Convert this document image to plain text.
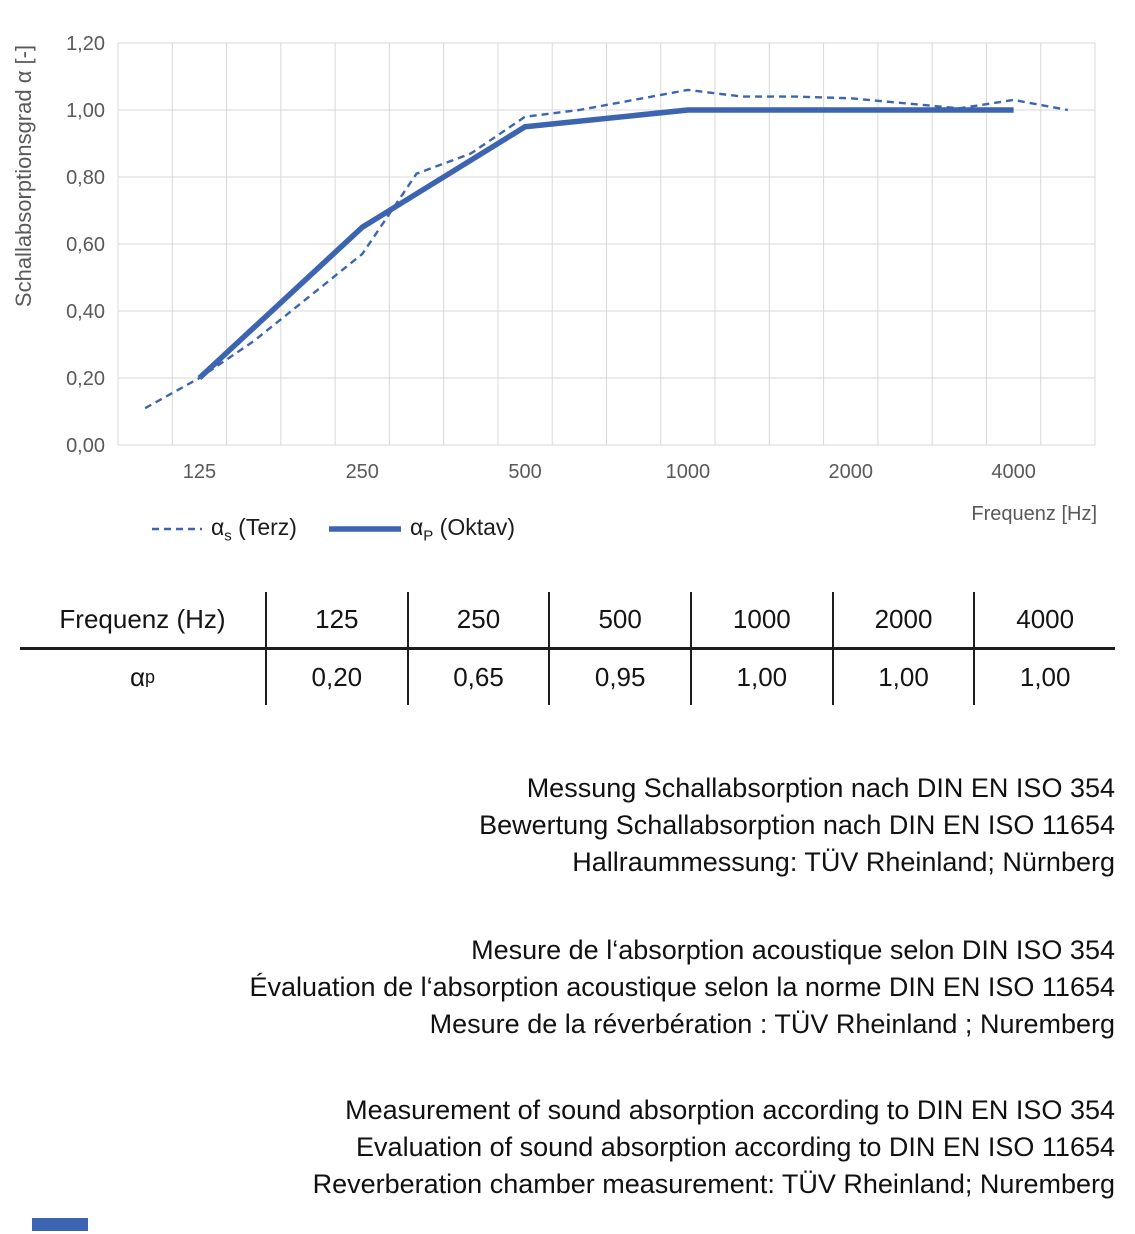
1,20
1,00
0,80
0,60
0,40
0,20
0,00
125	250	500	1000	2000	4000
Schallabsorptionsgrad α [-]
Frequenz [Hz]
$\alpha_s$ (Terz)	$\alpha_P$ (Oktav)
Frequenz (Hz)	125	250	500	1000	2000	4000
α p	0,20	0,65	0,95	1,00	1,00	1,00
Messung Schallabsorption nach DIN EN ISO 354
Bewertung Schallabsorption nach DIN EN ISO 11654
Hallraummessung: TÜV Rheinland; Nürnberg
Mesure de l‘absorption acoustique selon DIN ISO 354
Évaluation de l‘absorption acoustique selon la norme DIN EN ISO 11654
Mesure de la réverbération : TÜV Rheinland ; Nuremberg
Measurement of sound absorption according to DIN EN ISO 354
Evaluation of sound absorption according to DIN EN ISO 11654
Reverberation chamber measurement: TÜV Rheinland; Nuremberg
